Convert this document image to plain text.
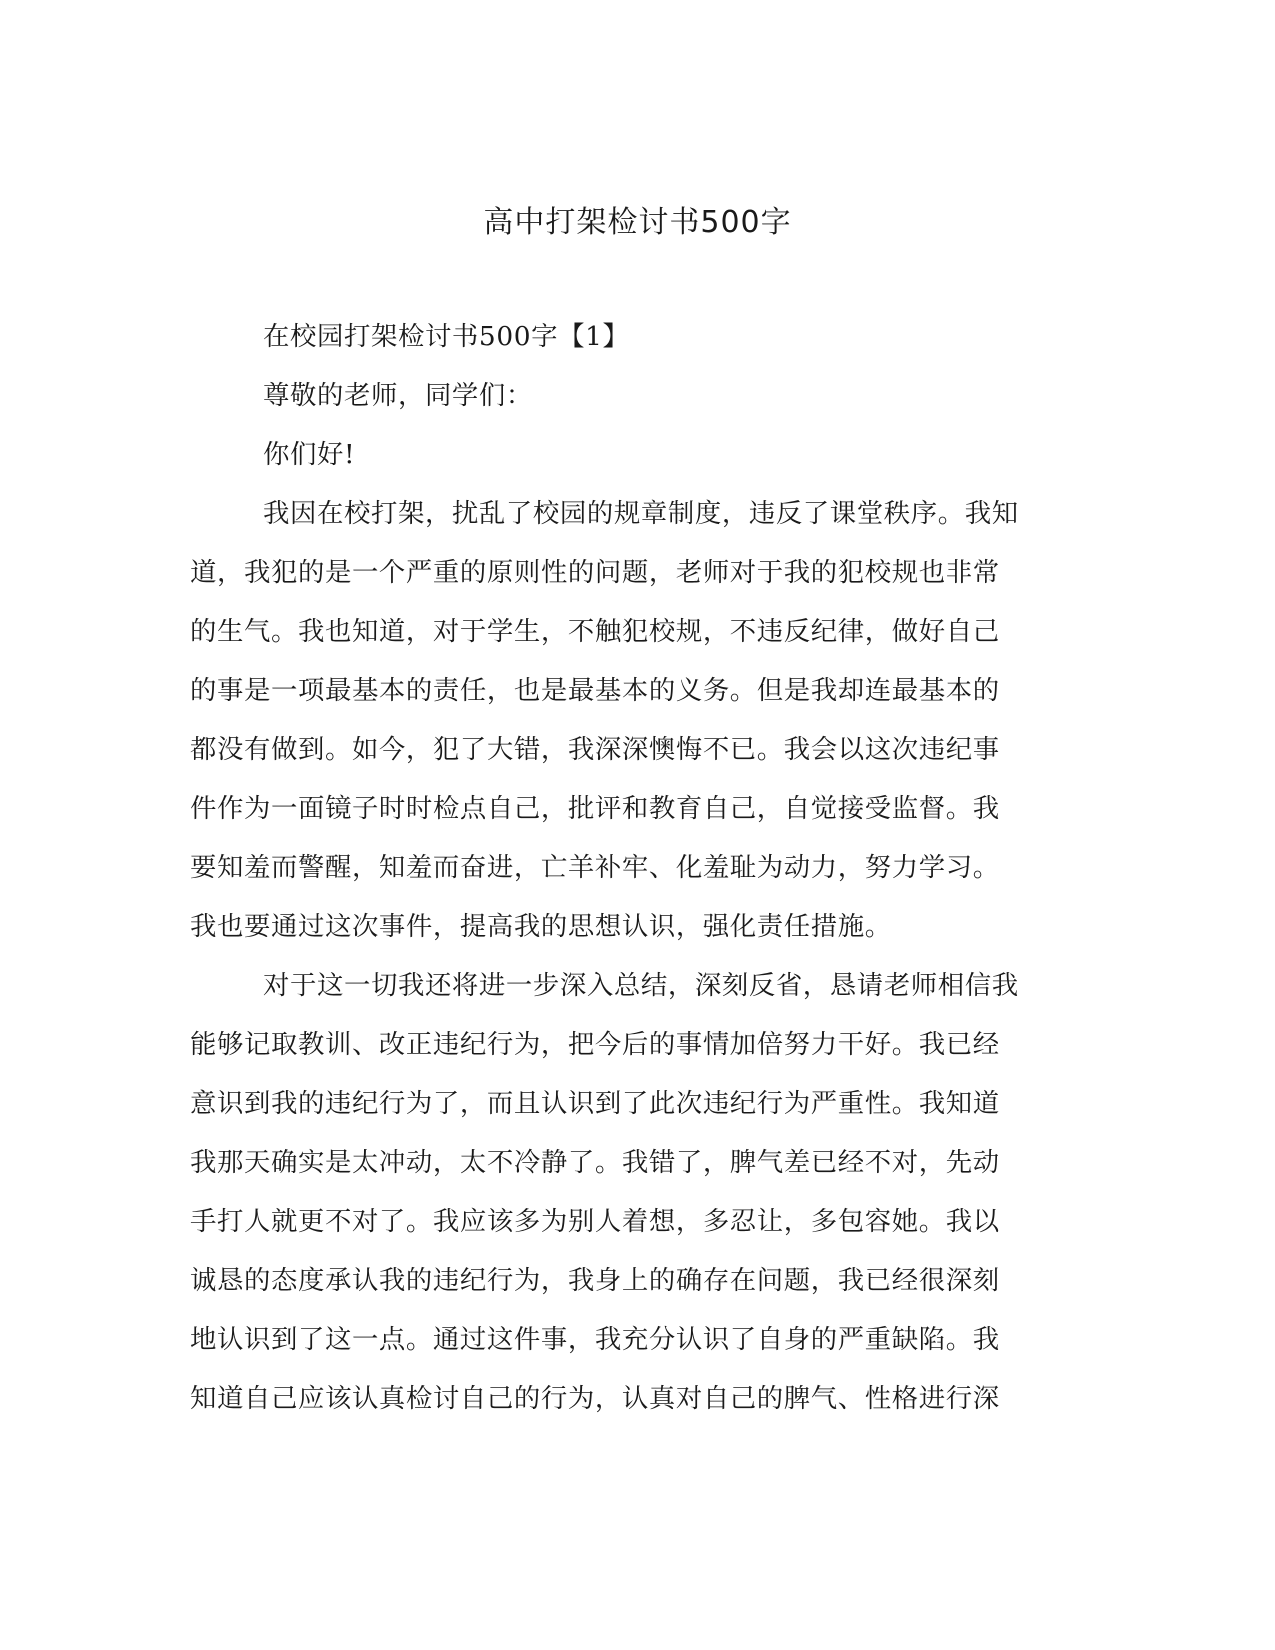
高中打架检讨书500字

在校园打架检讨书500字【1】

尊敬的老师，同学们：

你们好!

我因在校打架，扰乱了校园的规章制度，违反了课堂秩序。我知

道，我犯的是一个严重的原则性的问题，老师对于我的犯校规也非常

的生气。我也知道，对于学生，不触犯校规，不违反纪律，做好自己

的事是一项最基本的责任，也是最基本的义务。但是我却连最基本的

都没有做到。如今，犯了大错，我深深懊悔不已。我会以这次违纪事

件作为一面镜子时时检点自己，批评和教育自己，自觉接受监督。我

要知羞而警醒，知羞而奋进，亡羊补牢、化羞耻为动力，努力学习。

我也要通过这次事件，提高我的思想认识，强化责任措施。

对于这一切我还将进一步深入总结，深刻反省，恳请老师相信我

能够记取教训、改正违纪行为，把今后的事情加倍努力干好。我已经

意识到我的违纪行为了，而且认识到了此次违纪行为严重性。我知道

我那天确实是太冲动，太不冷静了。我错了，脾气差已经不对，先动

手打人就更不对了。我应该多为别人着想，多忍让，多包容她。我以

诚恳的态度承认我的违纪行为，我身上的确存在问题，我已经很深刻

地认识到了这一点。通过这件事，我充分认识了自身的严重缺陷。我

知道自己应该认真检讨自己的行为，认真对自己的脾气、性格进行深
